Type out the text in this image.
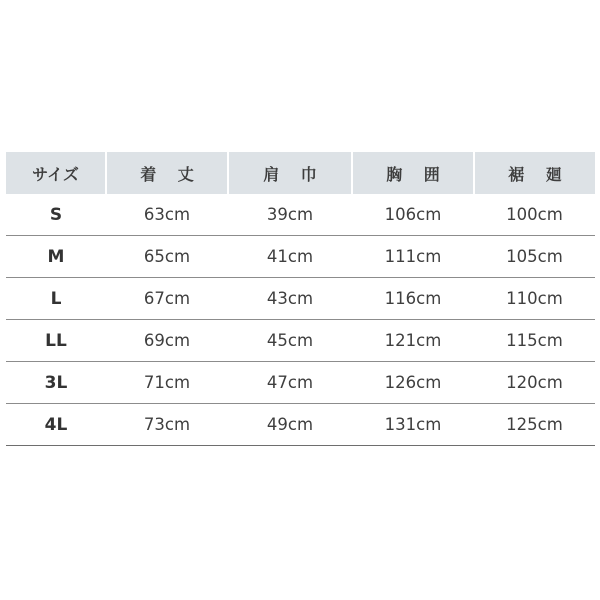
サイズ	着 丈	肩 巾	胸 囲	裾 廻
S	63cm	39cm	106cm	100cm
M	65cm	41cm	111cm	105cm
L	67cm	43cm	116cm	110cm
LL	69cm	45cm	121cm	115cm
3L	71cm	47cm	126cm	120cm
4L	73cm	49cm	131cm	125cm
